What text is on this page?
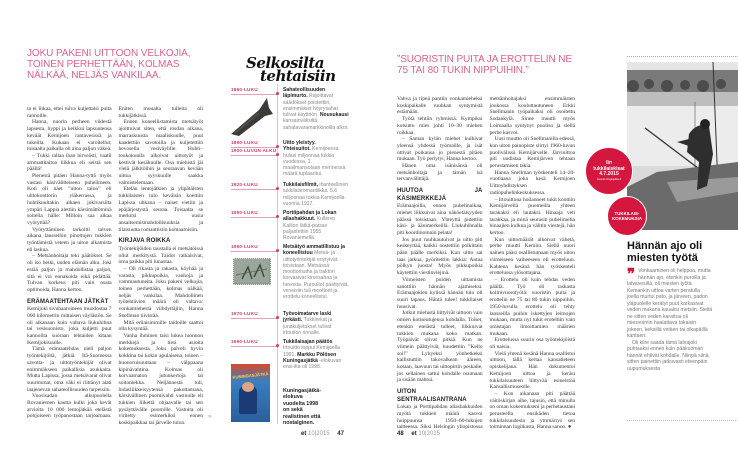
JOKU PAKENI UITTOON VELKOJIA, TOINEN PERHETTÄÄN, KOLMAS NÄLKÄÄ, NELJÄS VANKILAA.

ta ei liikaa, ettei tulva kuljettaisi puita rannoille.

Hanna, nuorin perheen viidestä lapsesta, hyppi ja keikkui lapsuutensa keväät Kemijoen rantavesissä ja tukeilla. Kukaan ei varoitellut; toisaalta paikalla oli aina paljon väkeä.

– Tukki rallaa ihan hirveästi, vaatii ammattitaitoa liikkua eli seistä sen päällä!

Pienestä pitäen Hanna-tyttö myös vastasi käsivälitteiseen puhelimeen. Koti oli näet ”uiton talon” eli uittokonttorin yläkerrassa, ja huhtikuultakin alkaen jokivarsilta ympäri Lappia alettiin kärsimättöminä soitella hälle: Milloin saa alkaa vyöryttää?

Vyöryttäminen tarkoitti talven aikana lansseihin pinottujen tukkien työntämistä veteen ja uiton alkamista eli laskua.

– Metsänhoitaja teki päätökset. Se oli iso hetki, uuden elämän alku. Joki estää paljon ja mahdollistaa paljon, sitä ei voi ennakoida eikä pidättää. Tulvan korkeus piti vain osata optimoida, Hanna kertoo.

ERÄMAATEHTAAN JÄTKÄT

Kemijoki sivuhaaroineen muodostaa 7 000 kilometrin mittaisen väylästön. Se oli aikanaan kuin valtava liukuhihna tai vesisuonisto, joka kuljetti puut kannoilta suoraan tehtaiden kitaan Kemijokisuulle.

Tämä erämaatehdas nieli paljon työntekijöitä, jätkiä. Itä-Suomessa savotta- ja uittotyöntekijät olivat enimmäkseen paikallisia asukkaita. Mutta Lapissa, jossa metsävarat olivat suurimmat, oma väki ei riittänyt alati laajenevan sahateollisuuden tarpeisiin.

Vuosisadan alkupuolella Rovaniemen kautta kulki joka kevät arviolta 10 000 lentojätkää etelästä pohjoiseen työpanostaan tarjoamaan. Eniten muualta tulleita oli tukkijätkissä.

Ennen koneellistamista metsätyöt ajoittuivat siten, että rosdan aikana, marraskuusta maaliskuulle, puut kaadettiin savotoilla ja kuljetettiin hevosella vesiväylille. Huhti–toukokuulla alkoivat uittotyöt ja kestivät kesäkuulle. Osa miehistä jäi vielä jälkitöihin ja seuraavan kevään uittoa syyskuulle saakka valmistelemaan.

Etelän lentojätkien ja ylipätäisten tukkilaisten tulo keväisin koettiin Lapissa uhkana – naiset vietiin ja epäjärjestystä seuraa. Toisaalta se merkitsi uusia ansaitsemismahdollisuuksia ja tilaisuutta romanttisiin kohtaamisiin.

KIRJAVA ROIKKA

Työntekijöiden taustalla ei metsätöissä ollut merkitystä. Taidot ratkaisivat, oma paikka piti lunastaa.

– Oli rikasta ja rakasta, köyhää ja varasta, pikkupoikia, vanhoja ja vammautuneita. Joku pakeni velkojia, toinen perhettään, kolmas nälkää, neljäs vankilaa. Mahdollinen työtehtävien määrä oli valtava: vonkamiehestä viihdyttäjiin, Hanna Snellman tiivistää.

Mitä erilaisimmille taidoille saattoi olla kysyntää.

Vanha ihminen taisi lukea luonnon merkkejä ja tiesi asioita kokemuksesta. Joku palveli hyvin kokkina tai kokin apulaisena, toinen – huonoruisuuttaan – välppaana kipinävahtina. Kolmas oli korvaamaton jutunkertoja tai soitoniekka. Neljännestä tuli, hidasliikkeisyytensä pakottamana, kärsivällinen puomivahti vastuulle eli tukkien liikettä ohjaavalle tai sen pysäyttävälle puomille. Vastuita oli viritetty esimerkiksi ennen koskipaikkaa tai järvelle tuloa.

»
et 10|2015 47
Selkosilta
tehtaisiin
1860-LUKU	Sahateollisuuden läpimurto. Rajoittavat säädökset poistettiin, ensimmäiset höyrysahat tulivat käyttöön. Nousukausi kansainvälisiltä sahatavaramarkkinoilla alkoi.
1890-LUKU	Uitto yleistyy.
Yhteisuitot. Kemijoessa hulasi miljoonaa tukkia vuodessa, 1. maailmansotaan mennessä määrä tuplaantui.
1900-LUVUN ALKU
1920-LUKU	Tukkilaisfilmit, ihanteellinen tukkilaisromantiikka. 5,6 miljoonaa tukkia Kemijoella vuonna 1927.
1950-LUKU	Porttipahdan ja Lokan allashakkuut. Kullervo Kallion lätkä-patsas paljastettiin 1955 Rovaniemellä.
1960-LUKU	Metsätyö ammatillistuu ja koneellistuu Metsä- ja uittotyöntekijät eriytyivät toisistaan. Metsässä moottorisaha ja traktori korvasivat kirvesahaa ja hevosta. Purouitot päättyivät, veneisiin tuli moottorit ja erottelu koneellistui.
1970-LUKU	Työvoimatarve laski jyrkästi. Tukkirekat ja junakuljetukset tulivat irtouiton rinnalle.
1990-LUKU	Tukkilaisajan päätös Irtouitto loppui Kemijoella 1991. Markku Pölösen Kuningasjätkä -elokuvan ensi-ilta oli 1998.
KUNINGASJÄTKÄ
Kuningasjätkä-elokuva vuodelta 1998 on sekä realistinen että nostalginen.
”SUORISTIN PUITA JA EROTTELIN NE 75 TAI 80 TUKIN NIPPUIHIN.”

Vahva ja ripeä pantiin vonkamieheksi koskipaikalle ruuhkan syntymistä estämään.

Työtä tehtiin ryhmissä. Kympiksi kutsuttu mies johti 10–30 miehen roikkaa.

– Saman kylän miehet kulkivat yleensä yhdessä työmaille, ja isät ottivat poikansa jo pienestä pitäen mukaan. Työ periytyi, Hanna kertoo.

Hänen oma isänisänsä oli metsänhoitaja ja tämän isä tervanvälittäjä.

HUUTOA JA KÄSIMERKKEJÄ

Erämaajoilla, ennen puhelinaikaa, miehet liikkuivat aina näköetäisyyden päässä toisistaan. Yhteyttä pidettiin käsi- ja äänimerkeillä. Liukuhihnalla piti koordinoinnin pelata!

Jos puut ruuhkautuivat ja uitto piti keskeyttää, kaikki nostettiin polkittain pään päälle merkiksi. Kun uitto sai taas jatkua, pyöritettiin lakkia: Antaa pölkyn juosta! Myös pikkupoikia käytettiin viestinviejinä.

Viimeisten puiden uittamista sanottiin hännän ajamiseksi. Erämaajokien kylissä hännän tulo oli suuri tapaus. Häntä tulee! tukkilaiset huusivat.

Jotkut miehistä liittyivät uittoon vain omien kotiseutujensa kohdalla. Toiset, etenkin etelästä tulleet, liikkuivat tukkien mukana koko matkan. Työpäivät olivat pitkiä. Kun ne viimein päättyivät, huudettiin ”Kello soi!” Lyhyeksi yönhetkeksi kallistuttiin takovalkean ääreen, kotaan, laavuun tai uittopirtin peskalle, jos sellainen sattui kohdalle osumaan ja sisään mahtui.

UITON SENTRAALISANTRANA

Lokan ja Porttipahdan allashakkuiden myötä tukkien määrä kasvoi huippuunsa 1950–60-lukujen taitteessa. Siksi Helsingin yliopistossa metsänhoitajaksi ensimmäisten joukossa kouluttautuneen Erkki Snellmanin työpaikaksi oli osoitettu Sodankylä. Sinne muutti myös Loimaalla syntynyt puoliso ja siellä perhe kasvoi.

Uusi muutto oli Snellmanilla edessä, kun uiton painopiste siirtyi 1960-luvun puolivälissä Kemijärvelle. Järviuittoa piti uudistaa Kemijärven tehtaan perustamisen takia.

Hanna Snellman työskenteli 14–20-vuotiaana joka kesä Kemijoen Uittoyhdistyksen radiopuhelinkeskuksessa.

– Irtouittona hoilanneet tukit koottiin Kemijärvellä puomeilla yhteen tarakaksi eli lautaksi. Hinaaja veti tarakkaa, ja minä seurasin puhelimella hinaajien kulkua ja välitin viestejä, hän kertoo.

Kun uittomäärät alkoivat vähetä, perhe muutti Kemiin. Siellä nuori nainen pääsi osallistumaan myös uiton viimeiseen vaiheeseen eli erotteluun. Kahtena kesänä hän työskenteli erottelussa ylösottajana.

– Erottelu oli kuin tehdas veden päällä. Työ oli raskasta kolmivuorotyötä: suoristin puita ja erottelin ne 75 tai 80 tukin nippuihin. 1950-luvulla erottelu oli tehty lansseilla puihin iskettyjen leimojen mukaan, mutta nyt tukit eroteltiin vain omistajan ilmoittamien määrien mukaan.

Erottelussa suurin osa työntekijöistä oli naisia.

Vielä yhtenä kesänä Hanna osallistui uittoon, tällä kertaa kansatieteen opiskelijana. Hän dokumentoi Kemijoen uittoa ja keräsi tukkilaisuuteen liittyvää esineistöä Kansallismuseolle.

– Kun aikanaan piti päättää väitöskirjan aihe, tajusin, että minulla on oman kokemukseni ja perhetaustani perusteella ensikäden tietoa tukkilaisuudesta ja ymmärrys sen toiminnan logiikasta, Hanna sanoo. ●

48 et 10|2015
Iin
tukkilaiskisat
4.7.2015
www.kuningasjatka.fi
TUKKILAIS-KOKEMUKSIA
Hännän ajo oli miesten työtä
❞ Vonkaaminen oli helppoa, mutta hännän ajo, etenkin puroilla ja latvavesillä, oli miesten työtä. Kemankin uittoa varten peratulla joella murtui pato, ja järveen, padon yläpuolelle kerätyt puut karkasivat veden mukana kauaksi metsiin. Sieltä ne sitten veden karattua oli miesvoimin haalattava takaisin jokeen, keksillä vetäen tai olkapäillä kantaen.

Oli kiire saada tämä latvajoki puhtaaksi ennen kuin pääkuoman hännät ehtivät kohdalle. Niinpä siinä sitten painettiin jatkuvasti eteenpäin uupumuksesta
